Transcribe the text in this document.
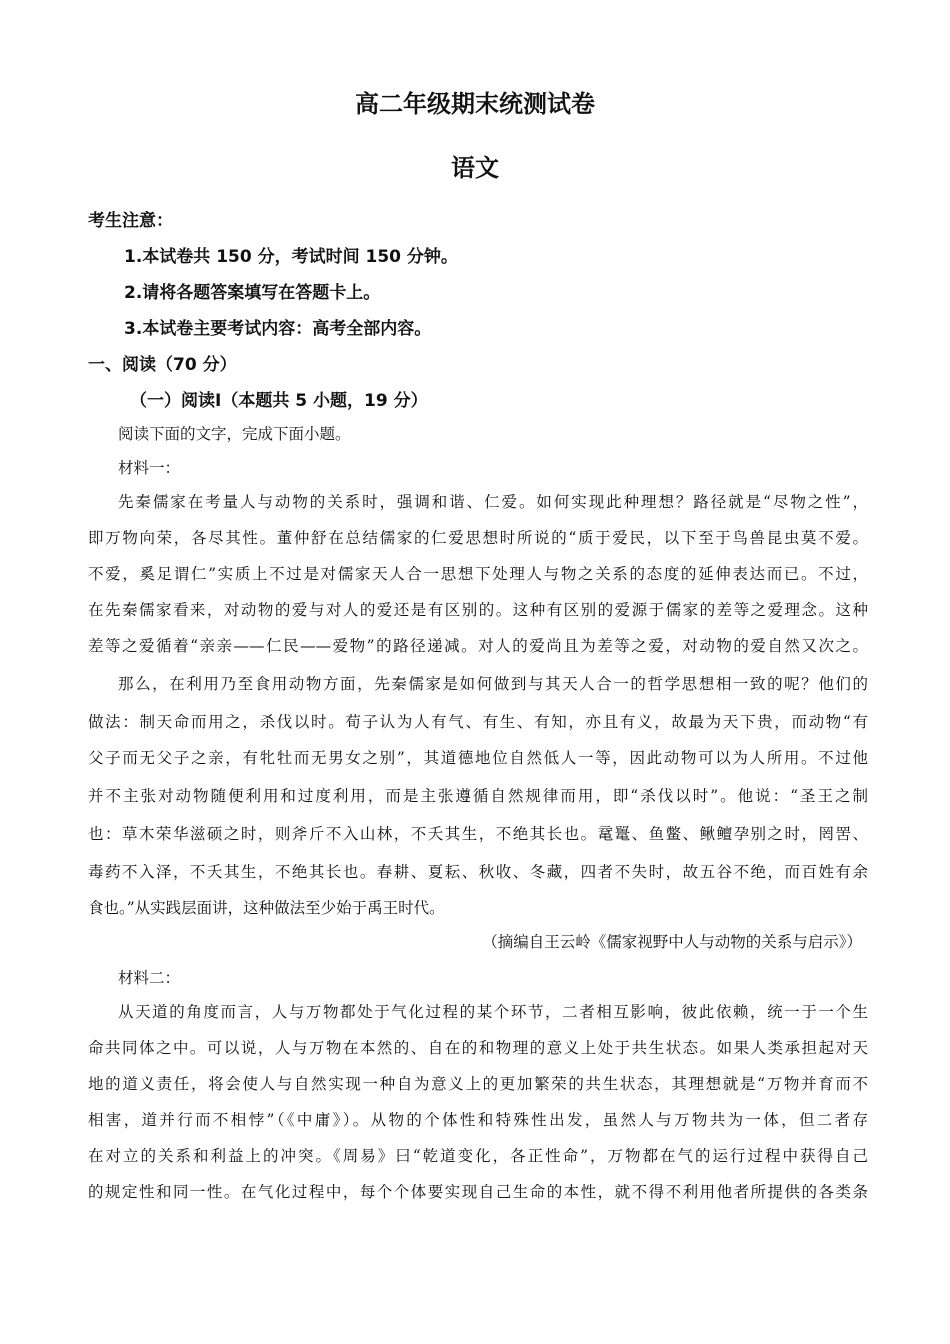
高二年级期末统测试卷
语文
考生注意：
1.本试卷共 150 分，考试时间 150 分钟。
2.请将各题答案填写在答题卡上。
3.本试卷主要考试内容：高考全部内容。
一、阅读（70 分）
（一）阅读Ⅰ（本题共 5 小题，19 分）
阅读下面的文字，完成下面小题。
材料一：
先秦儒家在考量人与动物的关系时，强调和谐、仁爱。如何实现此种理想？路径就是“尽物之性”，
即万物向荣，各尽其性。董仲舒在总结儒家的仁爱思想时所说的“质于爱民，以下至于鸟兽昆虫莫不爱。
不爱，奚足谓仁”实质上不过是对儒家天人合一思想下处理人与物之关系的态度的延伸表达而已。不过，
在先秦儒家看来，对动物的爱与对人的爱还是有区别的。这种有区别的爱源于儒家的差等之爱理念。这种
差等之爱循着“亲亲——仁民——爱物”的路径递减。对人的爱尚且为差等之爱，对动物的爱自然又次之。
那么，在利用乃至食用动物方面，先秦儒家是如何做到与其天人合一的哲学思想相一致的呢？他们的
做法：制天命而用之，杀伐以时。荀子认为人有气、有生、有知，亦且有义，故最为天下贵，而动物“有
父子而无父子之亲，有牝牡而无男女之别”，其道德地位自然低人一等，因此动物可以为人所用。不过他
并不主张对动物随便利用和过度利用，而是主张遵循自然规律而用，即“杀伐以时”。他说：“圣王之制
也：草木荣华滋硕之时，则斧斤不入山林，不夭其生，不绝其长也。鼋鼍、鱼鳖、鳅鳣孕别之时，罔罟、
毒药不入泽，不夭其生，不绝其长也。春耕、夏耘、秋收、冬藏，四者不失时，故五谷不绝，而百姓有余
食也。”从实践层面讲，这种做法至少始于禹王时代。
（摘编自王云岭《儒家视野中人与动物的关系与启示》）
材料二：
从天道的角度而言，人与万物都处于气化过程的某个环节，二者相互影响，彼此依赖，统一于一个生
命共同体之中。可以说，人与万物在本然的、自在的和物理的意义上处于共生状态。如果人类承担起对天
地的道义责任，将会使人与自然实现一种自为意义上的更加繁荣的共生状态，其理想就是“万物并育而不
相害，道并行而不相悖”（《中庸》）。从物的个体性和特殊性出发，虽然人与万物共为一体，但二者存
在对立的关系和利益上的冲突。《周易》曰“乾道变化，各正性命”，万物都在气的运行过程中获得自己
的规定性和同一性。在气化过程中，每个个体要实现自己生命的本性，就不得不利用他者所提供的各类条
